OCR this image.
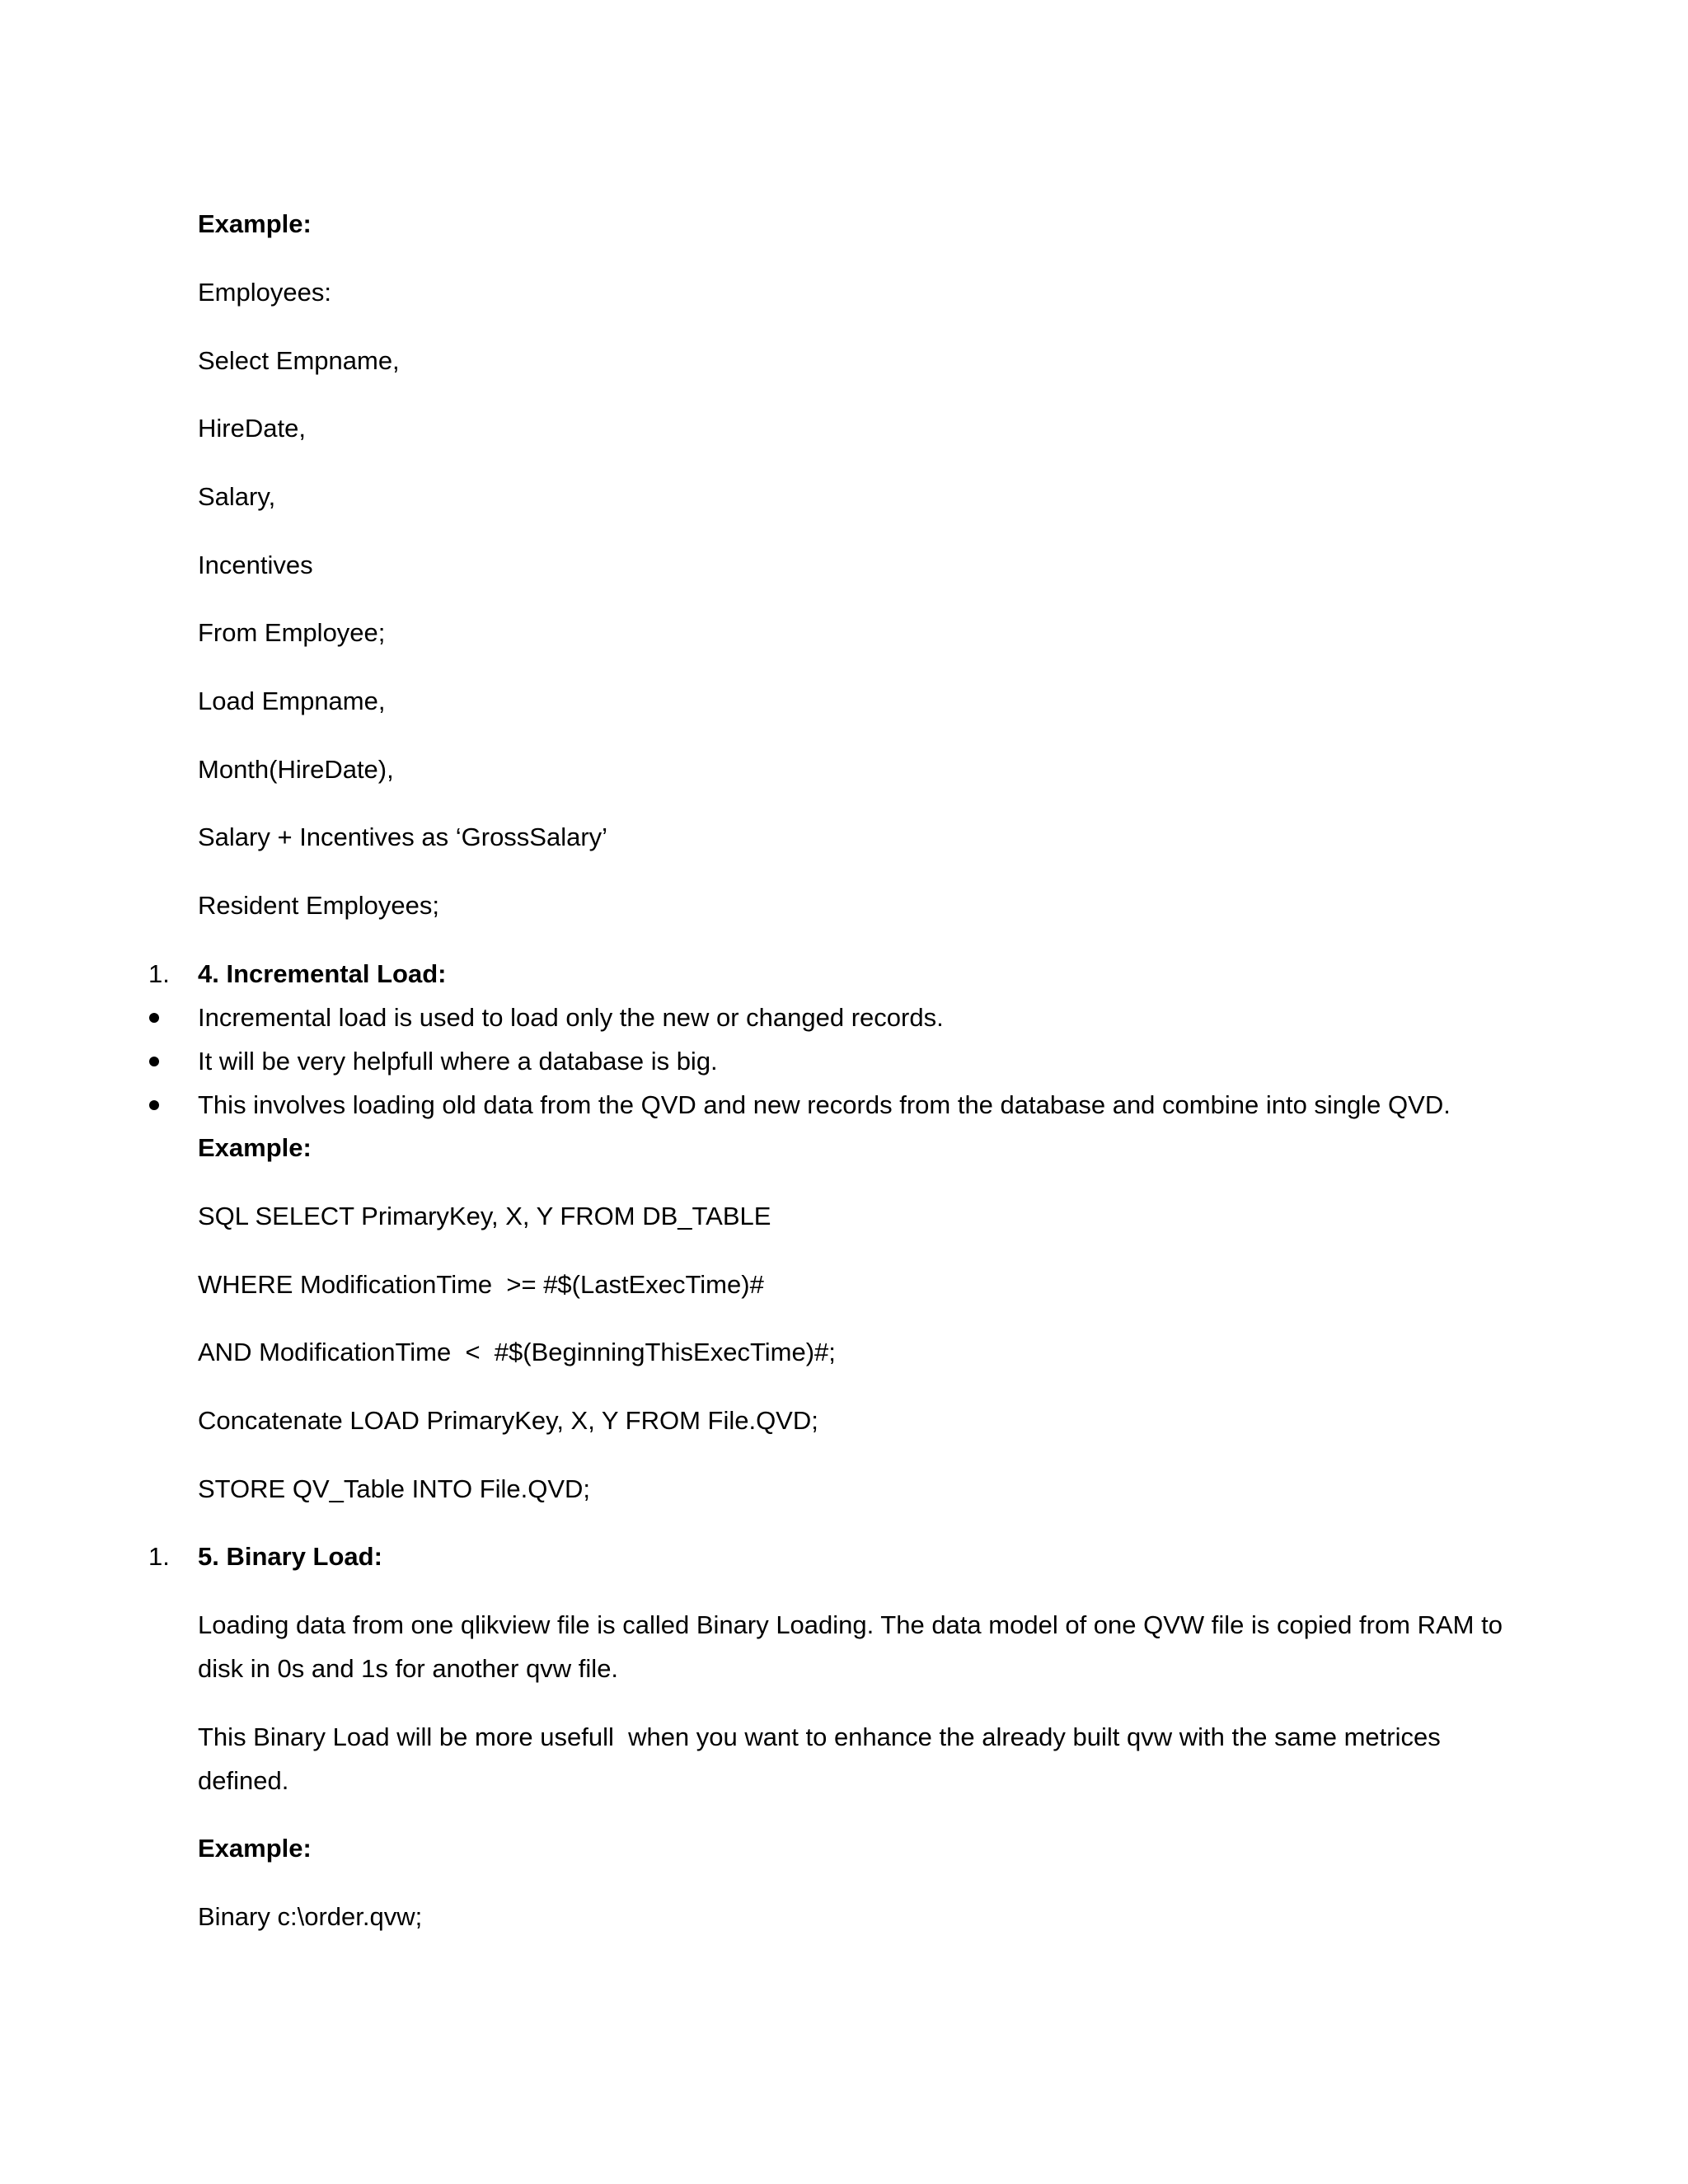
Example:
Employees:
Select Empname,
HireDate,
Salary,
Incentives
From Employee;
Load Empname,
Month(HireDate),
Salary + Incentives as ‘GrossSalary’
Resident Employees;
1. 4. Incremental Load:
Incremental load is used to load only the new or changed records.
It will be very helpfull where a database is big.
This involves loading old data from the QVD and new records from the database and combine into single QVD.
Example:
SQL SELECT PrimaryKey, X, Y FROM DB_TABLE
WHERE ModificationTime  >= #$(LastExecTime)#
AND ModificationTime  <  #$(BeginningThisExecTime)#;
Concatenate LOAD PrimaryKey, X, Y FROM File.QVD;
STORE QV_Table INTO File.QVD;
1. 5. Binary Load:
Loading data from one qlikview file is called Binary Loading. The data model of one QVW file is copied from RAM to
disk in 0s and 1s for another qvw file.
This Binary Load will be more usefull  when you want to enhance the already built qvw with the same metrices
defined.
Example:
Binary c:\order.qvw;
